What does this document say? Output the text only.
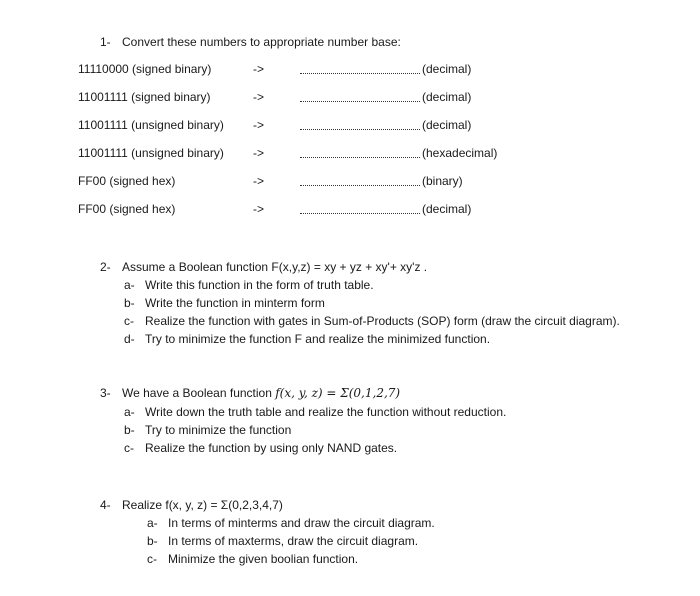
1- Convert these numbers to appropriate number base:
11110000 (signed binary)	->	(decimal)
11001111 (signed binary)	->	(decimal)
11001111 (unsigned binary) ->	(decimal)
11001111 (unsigned binary) ->	(hexadecimal)
FF00 (signed hex)	->	(binary)
FF00 (signed hex)	->	(decimal)
2- Assume a Boolean function F(x,y,z) = xy + yz + xy'+ xy'z .
a- Write this function in the form of truth table.
b- Write the function in minterm form
c- Realize the function with gates in Sum-of-Products (SOP) form (draw the circuit diagram).
d- Try to minimize the function F and realize the minimized function.
3- We have a Boolean function f(x, y, z) = Σ(0,1,2,7)
a- Write down the truth table and realize the function without reduction.
b- Try to minimize the function
c- Realize the function by using only NAND gates.
4- Realize f(x, y, z) = Σ(0,2,3,4,7)
a- In terms of minterms and draw the circuit diagram.
b- In terms of maxterms, draw the circuit diagram.
c- Minimize the given boolian function.
